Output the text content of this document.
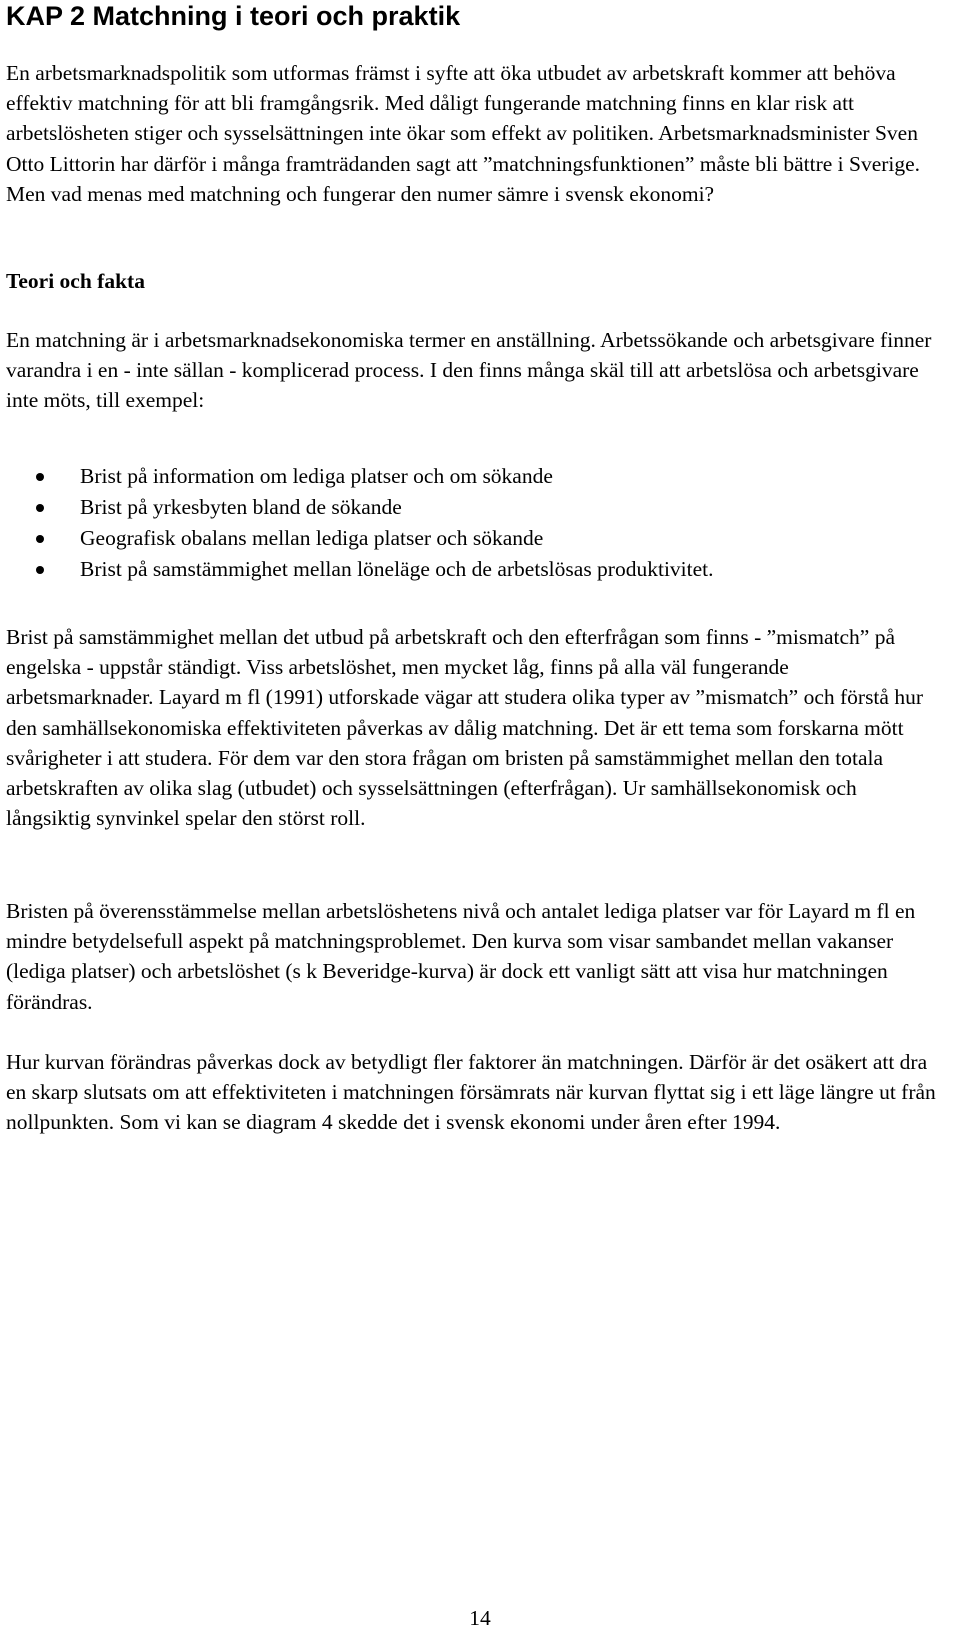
KAP 2 Matchning i teori och praktik

En arbetsmarknadspolitik som utformas främst i syfte att öka utbudet av arbetskraft kommer att behöva effektiv matchning för att bli framgångsrik. Med dåligt fungerande matchning finns en klar risk att arbetslösheten stiger och sysselsättningen inte ökar som effekt av politiken. Arbetsmarknadsminister Sven Otto Littorin har därför i många framträdanden sagt att ”matchningsfunktionen” måste bli bättre i Sverige. Men vad menas med matchning och fungerar den numer sämre i svensk ekonomi?

Teori och fakta

En matchning är i arbetsmarknadsekonomiska termer en anställning. Arbetssökande och arbetsgivare finner varandra i en - inte sällan - komplicerad process. I den finns många skäl till att arbetslösa och arbetsgivare inte möts, till exempel:

Brist på information om lediga platser och om sökande
Brist på yrkesbyten bland de sökande
Geografisk obalans mellan lediga platser och sökande
Brist på samstämmighet mellan löneläge och de arbetslösas produktivitet.

Brist på samstämmighet mellan det utbud på arbetskraft och den efterfrågan som finns - ”mismatch” på engelska - uppstår ständigt. Viss arbetslöshet, men mycket låg, finns på alla väl fungerande arbetsmarknader. Layard m fl (1991) utforskade vägar att studera olika typer av ”mismatch” och förstå hur den samhällsekonomiska effektiviteten påverkas av dålig matchning. Det är ett tema som forskarna mött svårigheter i att studera. För dem var den stora frågan om bristen på samstämmighet mellan den totala arbetskraften av olika slag (utbudet) och sysselsättningen (efterfrågan). Ur samhällsekonomisk och långsiktig synvinkel spelar den störst roll.

Bristen på överensstämmelse mellan arbetslöshetens nivå och antalet lediga platser var för Layard m fl en mindre betydelsefull aspekt på matchningsproblemet. Den kurva som visar sambandet mellan vakanser (lediga platser) och arbetslöshet (s k Beveridge-kurva) är dock ett vanligt sätt att visa hur matchningen förändras.

Hur kurvan förändras påverkas dock av betydligt fler faktorer än matchningen. Därför är det osäkert att dra en skarp slutsats om att effektiviteten i matchningen försämrats när kurvan flyttat sig i ett läge längre ut från nollpunkten. Som vi kan se diagram 4 skedde det i svensk ekonomi under åren efter 1994.

14
